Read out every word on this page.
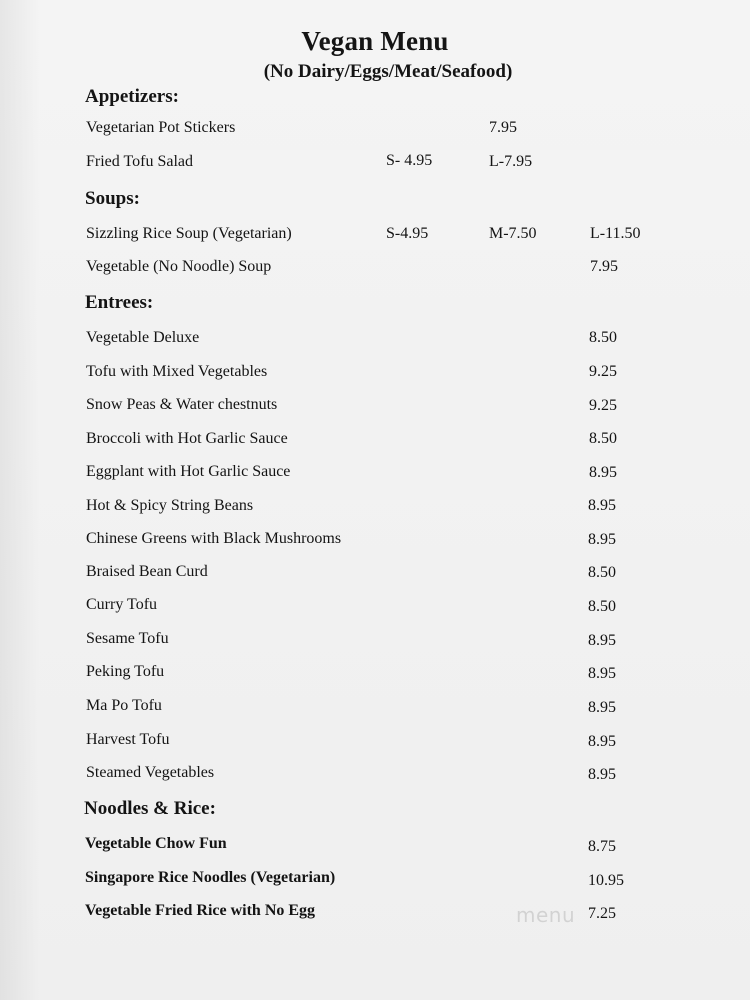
Vegan Menu
(No Dairy/Eggs/Meat/Seafood)
Appetizers:
Vegetarian Pot Stickers	7.95
Fried Tofu Salad	S- 4.95	L-7.95
Soups:
Sizzling Rice Soup (Vegetarian)	S-4.95	M-7.50	L-11.50
Vegetable (No Noodle) Soup	7.95
Entrees:
Vegetable Deluxe	8.50
Tofu with Mixed Vegetables	9.25
Snow Peas & Water chestnuts	9.25
Broccoli with Hot Garlic Sauce	8.50
Eggplant with Hot Garlic Sauce	8.95
Hot & Spicy String Beans	8.95
Chinese Greens with Black Mushrooms	8.95
Braised Bean Curd	8.50
Curry Tofu	8.50
Sesame Tofu	8.95
Peking Tofu	8.95
Ma Po Tofu	8.95
Harvest Tofu	8.95
Steamed Vegetables	8.95
Noodles & Rice:
Vegetable Chow Fun	8.75
Singapore Rice Noodles (Vegetarian)	10.95
Vegetable Fried Rice with No Egg	7.25
menu
